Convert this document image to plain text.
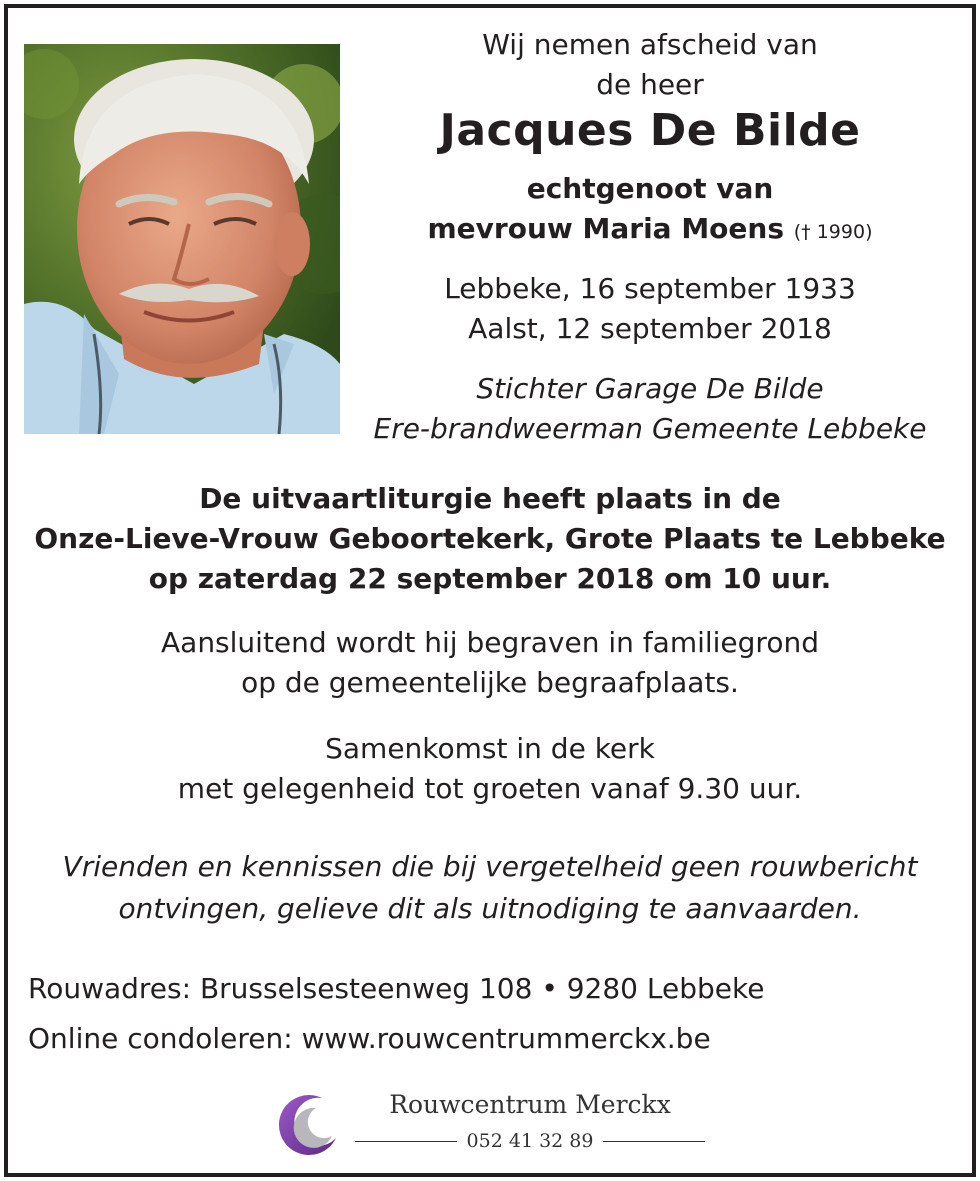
Wij nemen afscheid van
de heer
Jacques De Bilde
echtgenoot van
mevrouw Maria Moens († 1990)
Lebbeke, 16 september 1933
Aalst, 12 september 2018
Stichter Garage De Bilde
Ere-brandweerman Gemeente Lebbeke
De uitvaartliturgie heeft plaats in de
Onze-Lieve-Vrouw Geboortekerk, Grote Plaats te Lebbeke
op zaterdag 22 september 2018 om 10 uur.
Aansluitend wordt hij begraven in familiegrond
op de gemeentelijke begraafplaats.
Samenkomst in de kerk
met gelegenheid tot groeten vanaf 9.30 uur.
Vrienden en kennissen die bij vergetelheid geen rouwbericht
ontvingen, gelieve dit als uitnodiging te aanvaarden.
Rouwadres: Brusselsesteenweg 108 • 9280 Lebbeke
Online condoleren: www.rouwcentrummerckx.be
Rouwcentrum Merckx
052 41 32 89
